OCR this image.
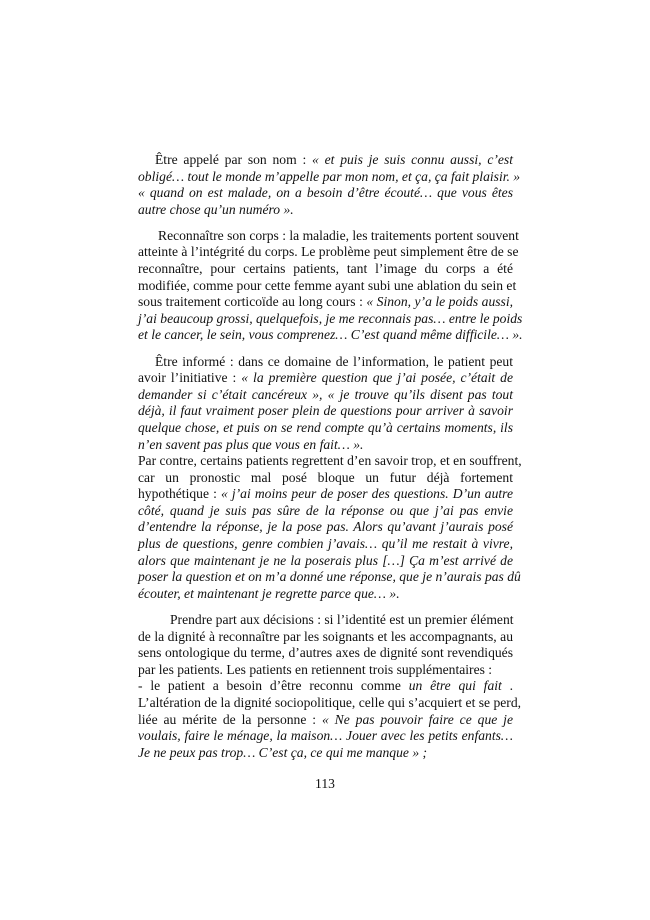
Être appelé par son nom : « et puis je suis connu aussi, c’est
obligé… tout le monde m’appelle par mon nom, et ça, ça fait plaisir. »
« quand on est malade, on a besoin d’être écouté… que vous êtes
autre chose qu’un numéro ».
Reconnaître son corps : la maladie, les traitements portent souvent
atteinte à l’intégrité du corps. Le problème peut simplement être de se
reconnaître, pour certains patients, tant l’image du corps a été
modifiée, comme pour cette femme ayant subi une ablation du sein et
sous traitement corticoïde au long cours : « Sinon, y’a le poids aussi,
j’ai beaucoup grossi, quelquefois, je me reconnais pas… entre le poids
et le cancer, le sein, vous comprenez… C’est quand même difficile… ».
Être informé : dans ce domaine de l’information, le patient peut
avoir l’initiative : « la première question que j’ai posée, c’était de
demander si c’était cancéreux », « je trouve qu’ils disent pas tout
déjà, il faut vraiment poser plein de questions pour arriver à savoir
quelque chose, et puis on se rend compte qu’à certains moments, ils
n’en savent pas plus que vous en fait… ».
Par contre, certains patients regrettent d’en savoir trop, et en souffrent,
car un pronostic mal posé bloque un futur déjà fortement
hypothétique : « j’ai moins peur de poser des questions. D’un autre
côté, quand je suis pas sûre de la réponse ou que j’ai pas envie
d’entendre la réponse, je la pose pas. Alors qu’avant j’aurais posé
plus de questions, genre combien j’avais… qu’il me restait à vivre,
alors que maintenant je ne la poserais plus […] Ça m’est arrivé de
poser la question et on m’a donné une réponse, que je n’aurais pas dû
écouter, et maintenant je regrette parce que… ».
Prendre part aux décisions : si l’identité est un premier élément
de la dignité à reconnaître par les soignants et les accompagnants, au
sens ontologique du terme, d’autres axes de dignité sont revendiqués
par les patients. Les patients en retiennent trois supplémentaires :
- le patient a besoin d’être reconnu comme un être qui fait .
L’altération de la dignité sociopolitique, celle qui s’acquiert et se perd,
liée au mérite de la personne : « Ne pas pouvoir faire ce que je
voulais, faire le ménage, la maison… Jouer avec les petits enfants…
Je ne peux pas trop… C’est ça, ce qui me manque » ;
113
